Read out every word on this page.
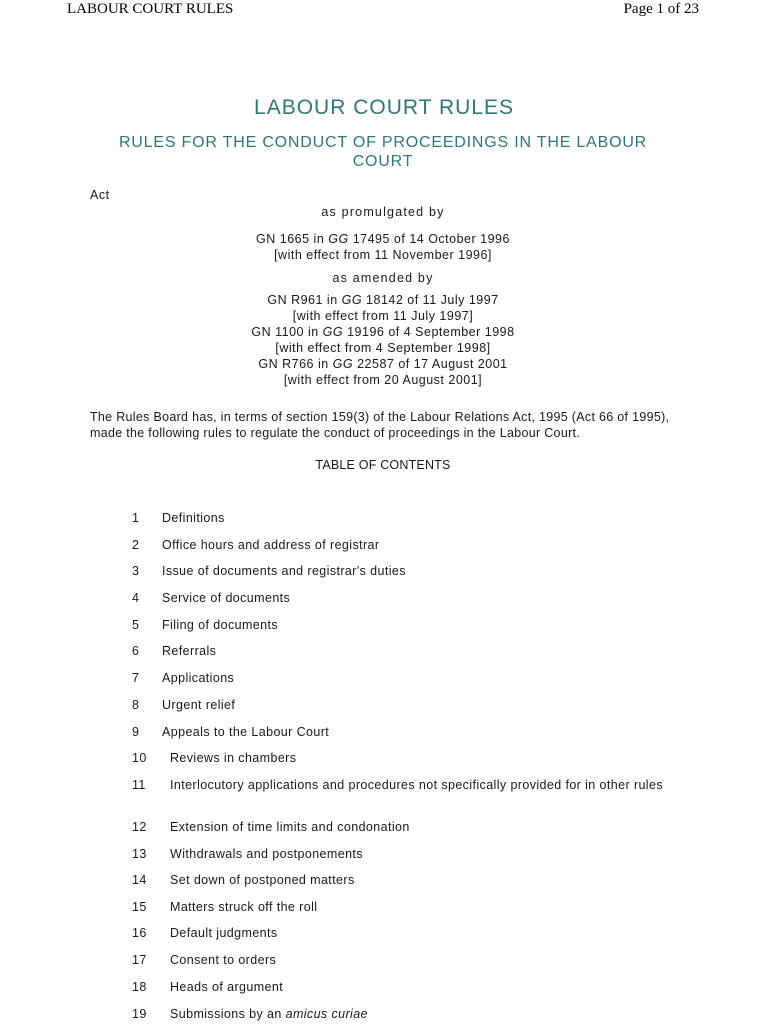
LABOUR COURT RULES	Page 1 of 23
LABOUR COURT RULES
RULES FOR THE CONDUCT OF PROCEEDINGS IN THE LABOUR COURT
Act
as promulgated by
GN 1665 in GG 17495 of 14 October 1996
[with effect from 11 November 1996]
as amended by
GN R961 in GG 18142 of 11 July 1997
[with effect from 11 July 1997]
GN 1100 in GG 19196 of 4 September 1998
[with effect from 4 September 1998]
GN R766 in GG 22587 of 17 August 2001
[with effect from 20 August 2001]
The Rules Board has, in terms of section 159(3) of the Labour Relations Act, 1995 (Act 66 of 1995), made the following rules to regulate the conduct of proceedings in the Labour Court.
TABLE OF CONTENTS
1 Definitions
2 Office hours and address of registrar
3 Issue of documents and registrar's duties
4 Service of documents
5 Filing of documents
6 Referrals
7 Applications
8 Urgent relief
9 Appeals to the Labour Court
10 Reviews in chambers
11 Interlocutory applications and procedures not specifically provided for in other rules
12 Extension of time limits and condonation
13 Withdrawals and postponements
14 Set down of postponed matters
15 Matters struck off the roll
16 Default judgments
17 Consent to orders
18 Heads of argument
19 Submissions by an amicus curiae
